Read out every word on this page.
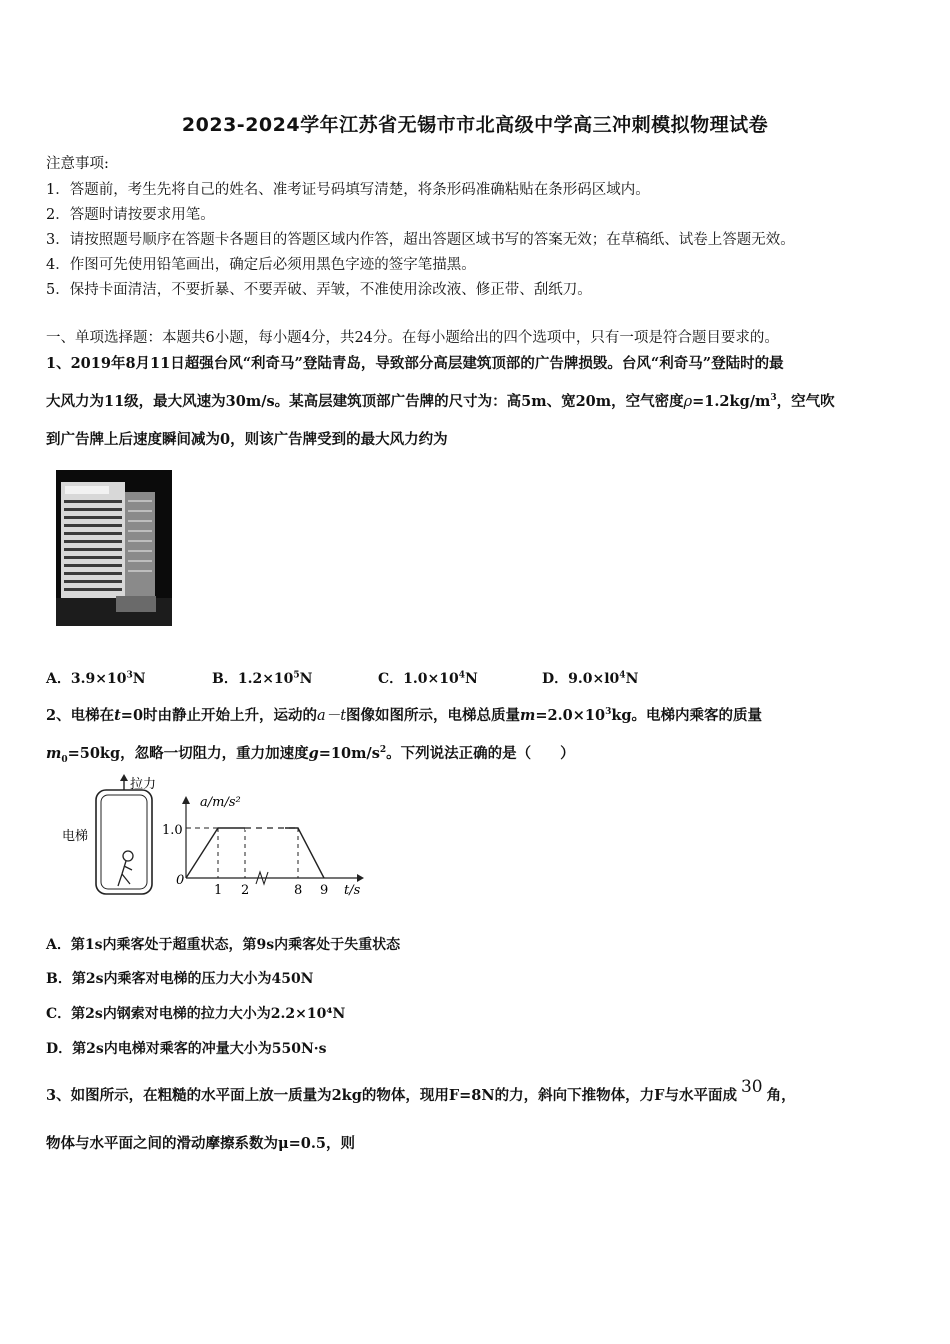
2023-2024学年江苏省无锡市市北高级中学高三冲刺模拟物理试卷
注意事项:
1．答题前，考生先将自己的姓名、准考证号码填写清楚，将条形码准确粘贴在条形码区域内。
2．答题时请按要求用笔。
3．请按照题号顺序在答题卡各题目的答题区域内作答，超出答题区域书写的答案无效；在草稿纸、试卷上答题无效。
4．作图可先使用铅笔画出，确定后必须用黑色字迹的签字笔描黑。
5．保持卡面清洁，不要折暴、不要弄破、弄皱，不准使用涂改液、修正带、刮纸刀。
一、单项选择题：本题共6小题，每小题4分，共24分。在每小题给出的四个选项中，只有一项是符合题目要求的。
1、2019年8月11日超强台风“利奇马”登陆青岛，导致部分高层建筑顶部的广告牌损毁。台风“利奇马”登陆时的最
大风力为11级，最大风速为30m/s。某高层建筑顶部广告牌的尺寸为：高5m、宽20m，空气密度$\rho=1.2kg/m^3$，空气吹
到广告牌上后速度瞬间减为0，则该广告牌受到的最大风力约为
A．$3.9\times 10^3N$	B．$1.2\times 10^5N$	C．$1.0\times 10^4N$	D．$9.0\times l0^4N$
2、电梯在t=0时由静止开始上升，运动的a－t图像如图所示，电梯总质量$m=2.0\times 10^3kg$。电梯内乘客的质量
$m_0=50kg$，忽略一切阻力，重力加速度$g=10m/s^2$。下列说法正确的是（　　）
拉力
电梯
a/m/s²
1.0
0
1 2	8 9 t/s
A．第1s内乘客处于超重状态，第9s内乘客处于失重状态
B．第2s内乘客对电梯的压力大小为450N
C．第2s内钢索对电梯的拉力大小为2.2×10⁴N
D．第2s内电梯对乘客的冲量大小为550N·s
3、如图所示，在粗糙的水平面上放一质量为2kg的物体，现用F=8N的力，斜向下推物体，力F与水平面成 30 角，
物体与水平面之间的滑动摩擦系数为μ=0.5，则
